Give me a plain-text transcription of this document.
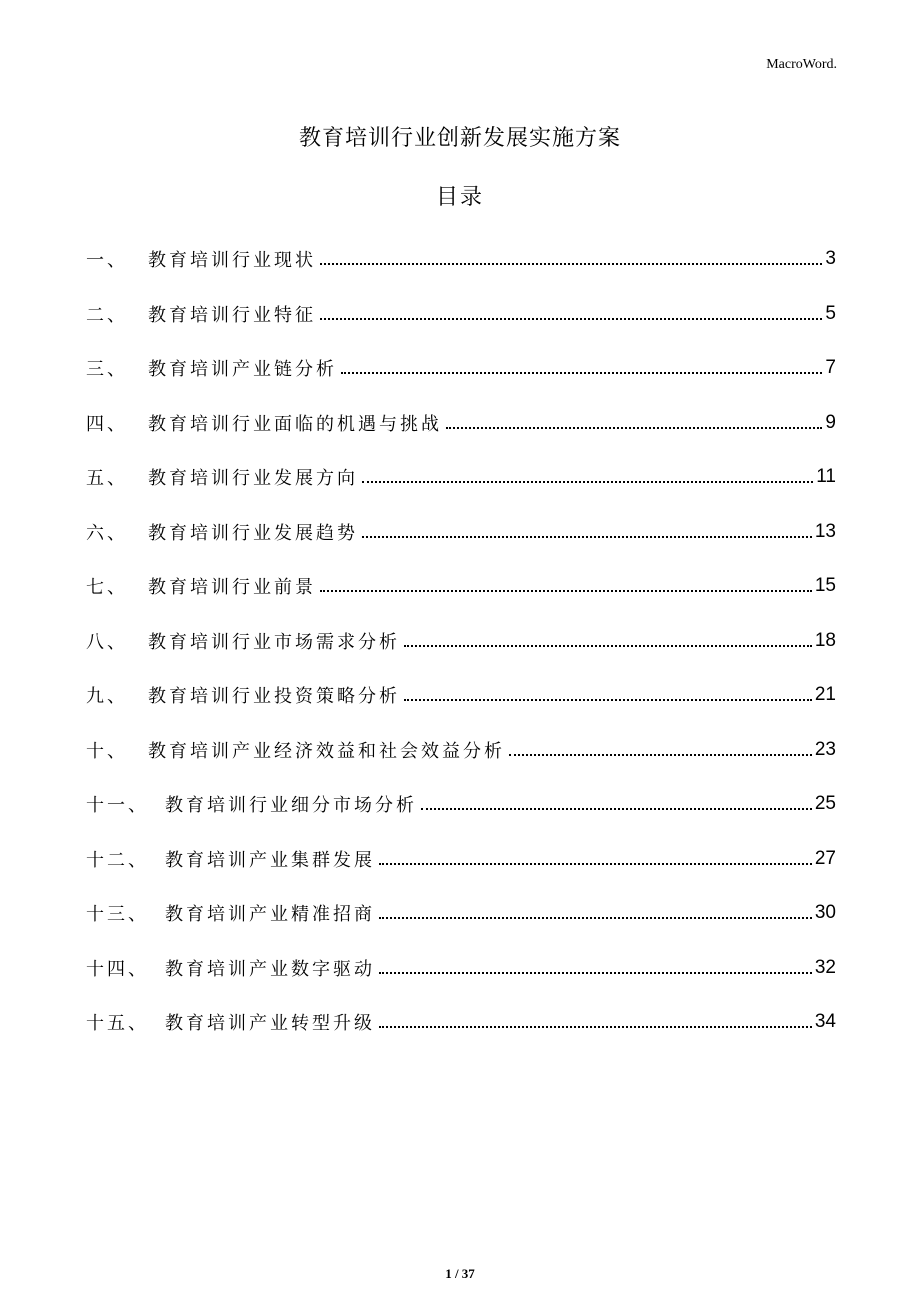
MacroWord.
教育培训行业创新发展实施方案
目录
一、	教育培训行业现状	3
二、	教育培训行业特征	5
三、	教育培训产业链分析	7
四、	教育培训行业面临的机遇与挑战	9
五、	教育培训行业发展方向	11
六、	教育培训行业发展趋势	13
七、	教育培训行业前景	15
八、	教育培训行业市场需求分析	18
九、	教育培训行业投资策略分析	21
十、	教育培训产业经济效益和社会效益分析	23
十一、 教育培训行业细分市场分析	25
十二、 教育培训产业集群发展	27
十三、 教育培训产业精准招商	30
十四、 教育培训产业数字驱动	32
十五、 教育培训产业转型升级	34
1 / 37
